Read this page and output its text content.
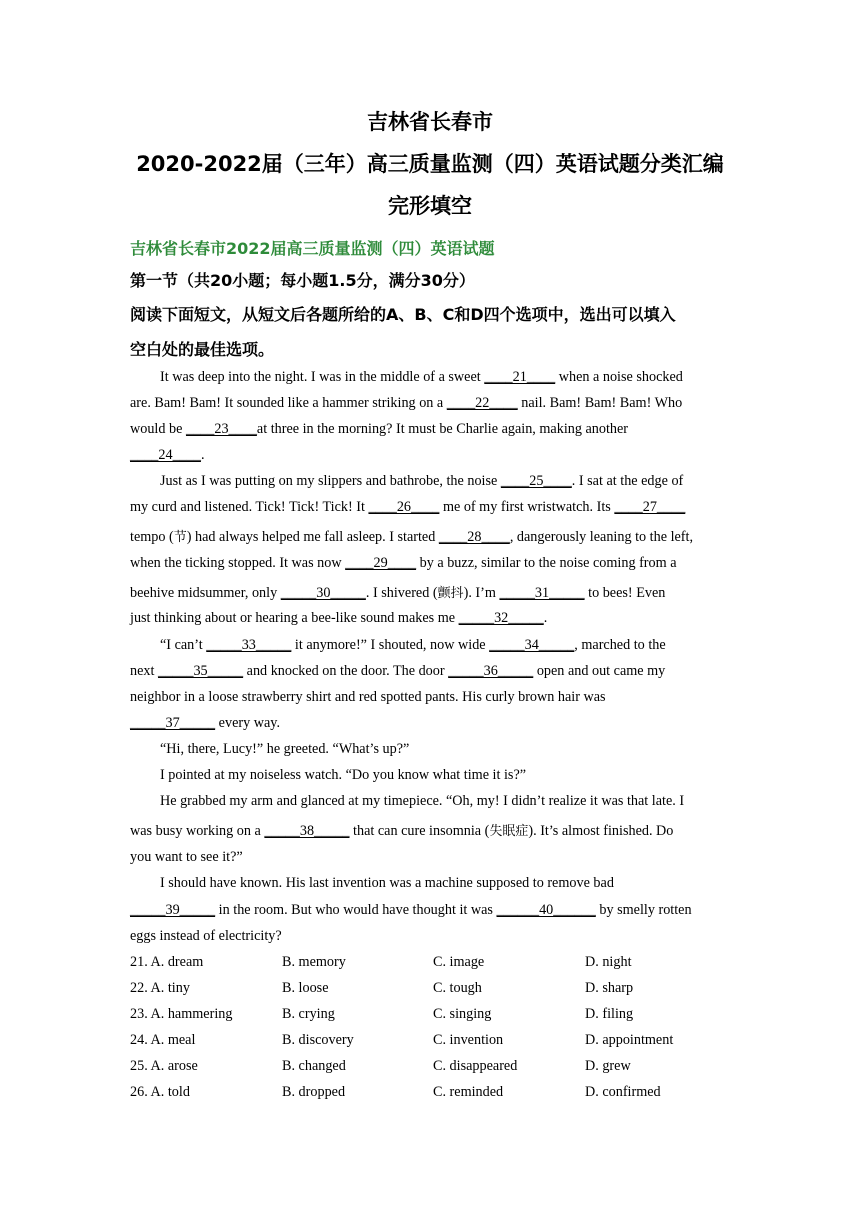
吉林省长春市
2020-2022届（三年）高三质量监测（四）英语试题分类汇编
完形填空
吉林省长春市2022届高三质量监测（四）英语试题
第一节（共20小题；每小题1.5分，满分30分）
阅读下面短文，从短文后各题所给的A、B、C和D四个选项中，选出可以填入
空白处的最佳选项。
It was deep into the night. I was in the middle of a sweet ____21____ when a noise shocked
are. Bam! Bam! It sounded like a hammer striking on a ____22____ nail. Bam! Bam! Bam! Who
would be ____23____at three in the morning? It must be Charlie again, making another
____24____.
Just as I was putting on my slippers and bathrobe, the noise ____25____. I sat at the edge of
my curd and listened. Tick! Tick! Tick! It ____26____ me of my first wristwatch. Its ____27____
tempo (节) had always helped me fall asleep. I started ____28____, dangerously leaning to the left,
when the ticking stopped. It was now ____29____ by a buzz, similar to the noise coming from a
beehive midsummer, only _____30_____. I shivered (颤抖). I’m _____31_____ to bees! Even
just thinking about or hearing a bee-like sound makes me _____32_____.
“I can’t _____33_____ it anymore!” I shouted, now wide _____34_____, marched to the
next _____35_____ and knocked on the door. The door _____36_____ open and out came my
neighbor in a loose strawberry shirt and red spotted pants. His curly brown hair was
_____37_____ every way.
“Hi, there, Lucy!” he greeted. “What’s up?”
I pointed at my noiseless watch. “Do you know what time it is?”
He grabbed my arm and glanced at my timepiece. “Oh, my! I didn’t realize it was that late. I
was busy working on a _____38_____ that can cure insomnia (失眠症). It’s almost finished. Do
you want to see it?”
I should have known. His last invention was a machine supposed to remove bad
_____39_____ in the room. But who would have thought it was ______40______ by smelly rotten
eggs instead of electricity?
21. A. dream	B. memory	C. image	D. night
22. A. tiny	B. loose	C. tough	D. sharp
23. A. hammering	B. crying	C. singing	D. filing
24. A. meal	B. discovery	C. invention	D. appointment
25. A. arose	B. changed	C. disappeared	D. grew
26. A. told	B. dropped	C. reminded	D. confirmed
